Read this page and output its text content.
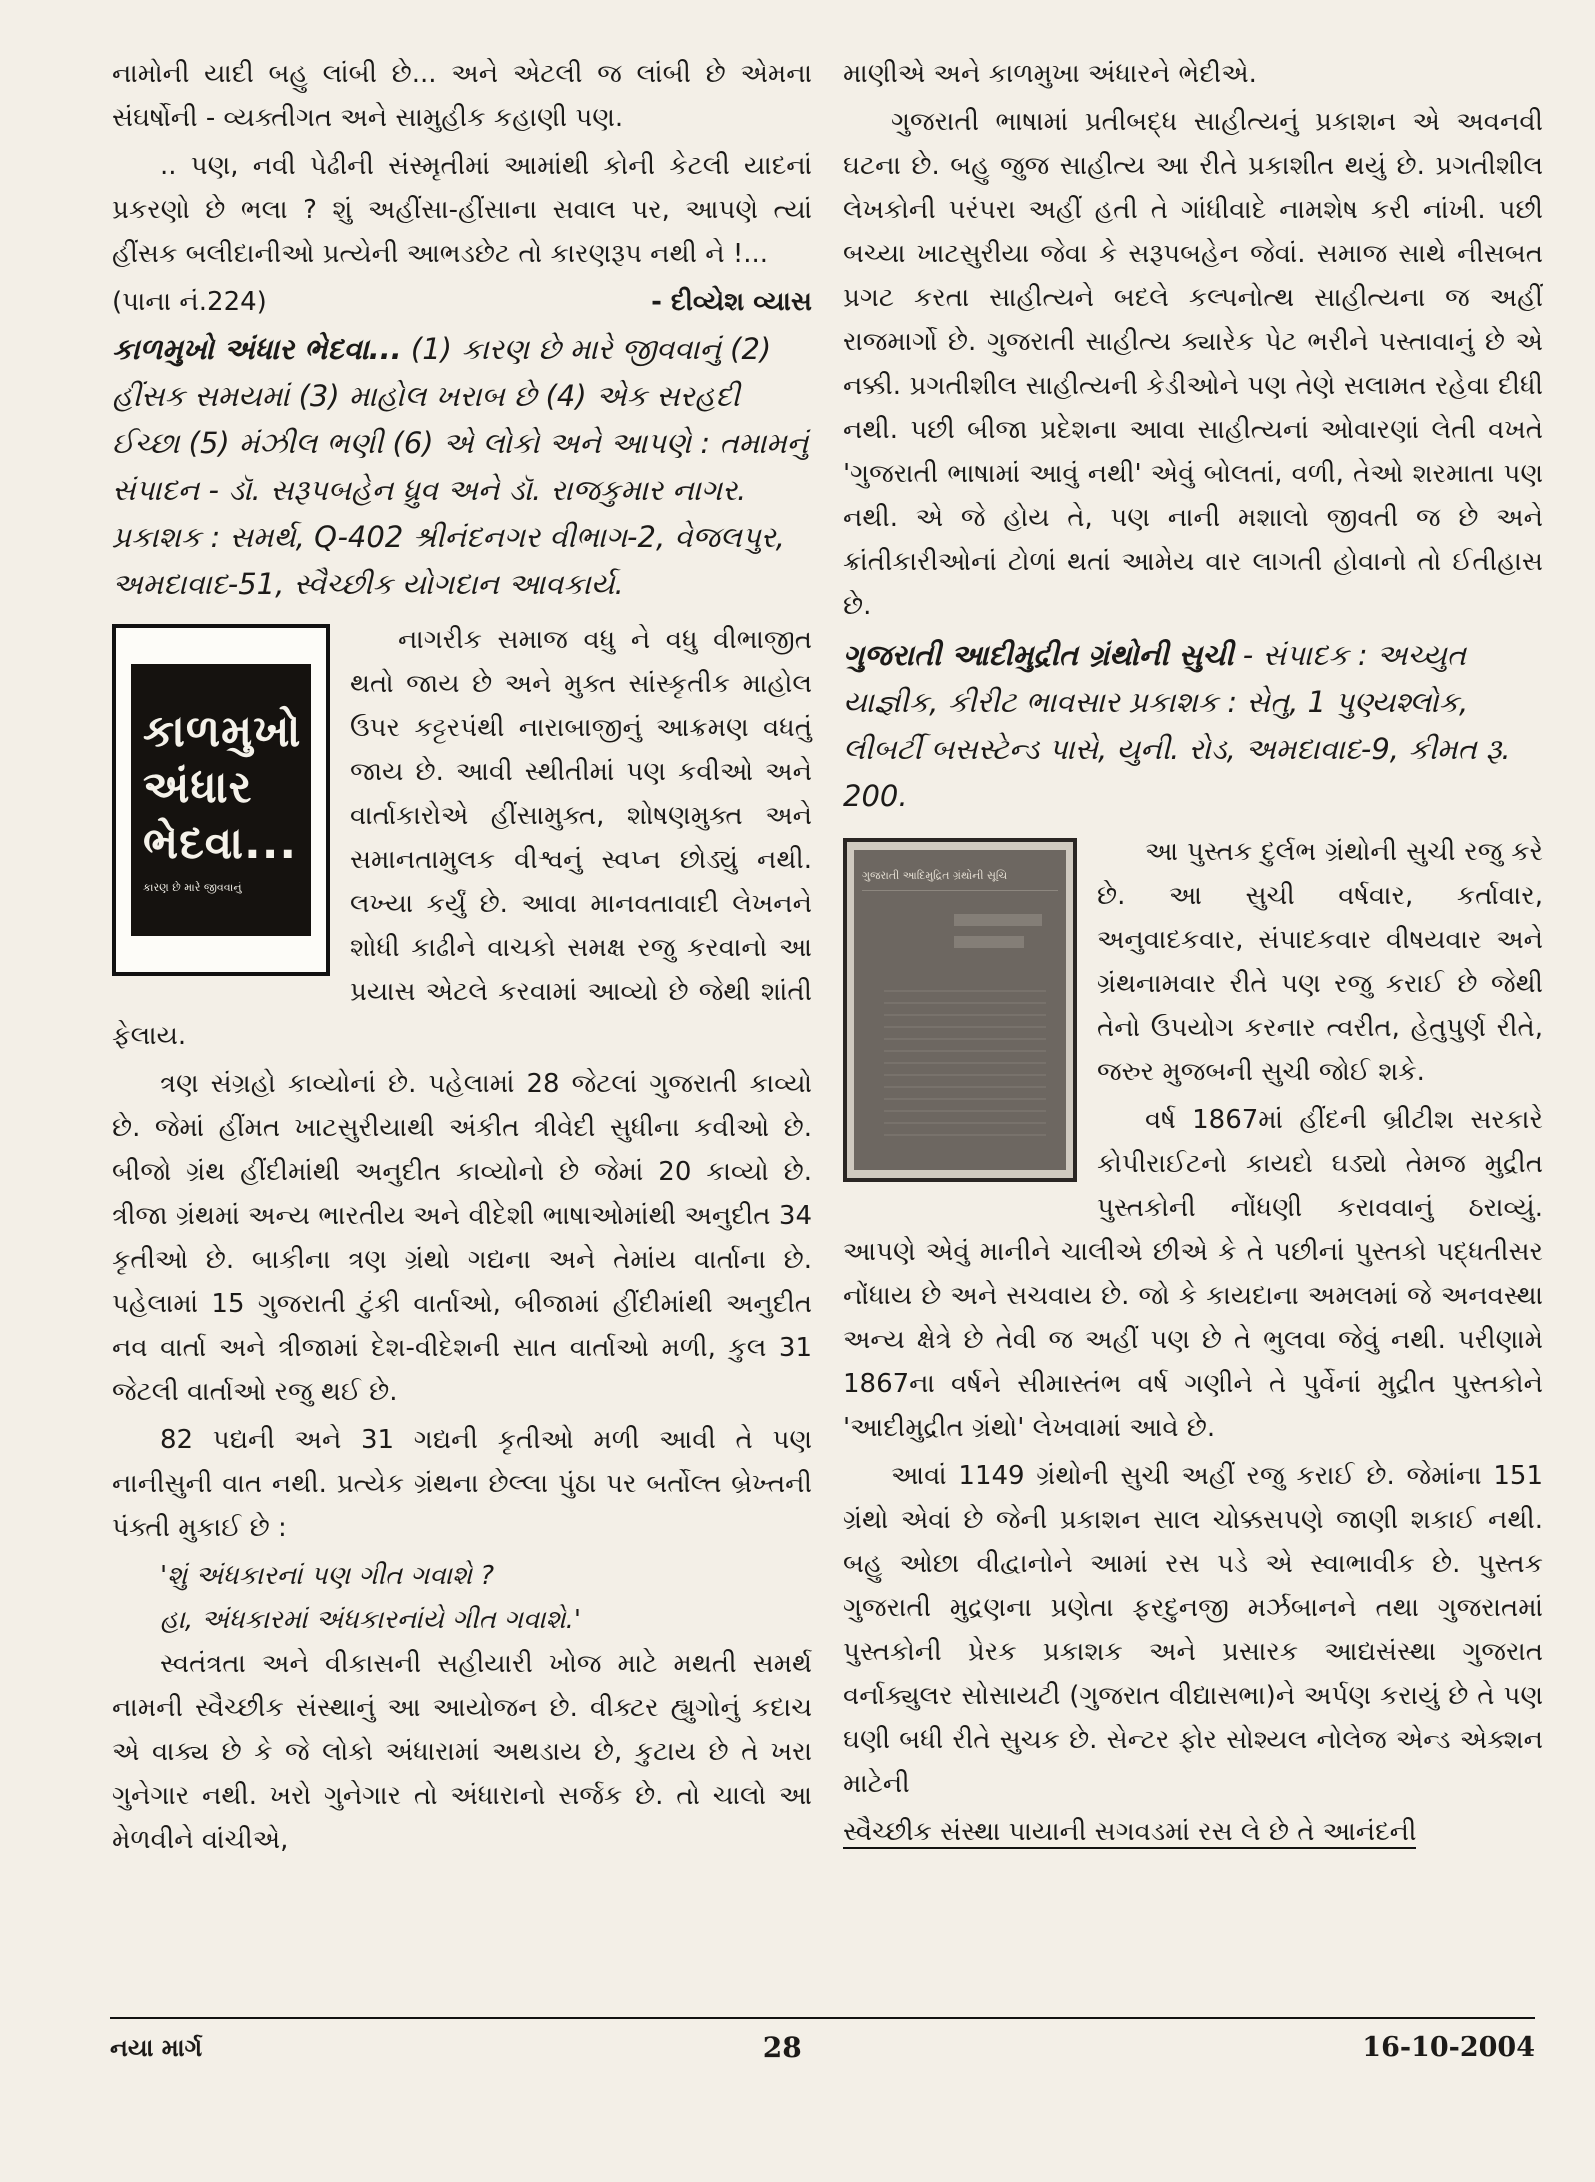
નામોની યાદી બહુ લાંબી છે... અને એટલી જ લાંબી છે એમના સંઘર્ષોની - વ્યક્તીગત અને સામુહીક કહાણી પણ.

.. પણ, નવી પેઢીની સંસ્મૃતીમાં આમાંથી કોની કેટલી યાદનાં પ્રકરણો છે ભલા ? શું અહીંસા-હીંસાના સવાલ પર, આપણે ત્યાં હીંસક બલીદાનીઓ પ્રત્યેની આભડછેટ તો કારણરૂપ નથી ને !...

(પાના નં.224)	- દીવ્યેશ વ્યાસ

કાળમુખો અંધાર ભેદવા... (1) કારણ છે મારે જીવવાનું (2) હીંસક સમયમાં (3) માહોલ ખરાબ છે (4) એક સરહદી ઈચ્છા (5) મંઝીલ ભણી (6) એ લોકો અને આપણે : તમામનું સંપાદન - ડૉ. સરૂપબહેન ધ્રુવ અને ડૉ. રાજકુમાર નાગર. પ્રકાશક : સમર્થ, Q-402 શ્રીનંદનગર વીભાગ-2, વેજલપુર, અમદાવાદ-51, સ્વૈચ્છીક યોગદાન આવકાર્ય.

કાળમુખો
અંધાર
ભેદવા...
કારણ છે મારે જીવવાનું

નાગરીક સમાજ વધુ ને વધુ વીભાજીત થતો જાય છે અને મુક્ત સાંસ્કૃતીક માહોલ ઉપર કટ્ટરપંથી નારાબાજીનું આક્રમણ વધતું જાય છે. આવી સ્થીતીમાં પણ કવીઓ અને વાર્તાકારોએ હીંસામુક્ત, શોષણમુક્ત અને સમાનતામુલક વીશ્વનું સ્વપ્ન છોડ્યું નથી. લખ્યા કર્યું છે. આવા માનવતાવાદી લેખનને શોધી કાઢીને વાચકો સમક્ષ રજુ કરવાનો આ પ્રયાસ એટલે કરવામાં આવ્યો છે જેથી શાંતી ફેલાય.

ત્રણ સંગ્રહો કાવ્યોનાં છે. પહેલામાં 28 જેટલાં ગુજરાતી કાવ્યો છે. જેમાં હીંમત ખાટસુરીયાથી અંકીત ત્રીવેદી સુધીના કવીઓ છે. બીજો ગ્રંથ હીંદીમાંથી અનુદીત કાવ્યોનો છે જેમાં 20 કાવ્યો છે. ત્રીજા ગ્રંથમાં અન્ય ભારતીય અને વીદેશી ભાષાઓમાંથી અનુદીત 34 કૃતીઓ છે. બાકીના ત્રણ ગ્રંથો ગદ્યના અને તેમાંય વાર્તાના છે. પહેલામાં 15 ગુજરાતી ટુંકી વાર્તાઓ, બીજામાં હીંદીમાંથી અનુદીત નવ વાર્તા અને ત્રીજામાં દેશ-વીદેશની સાત વાર્તાઓ મળી, કુલ 31 જેટલી વાર્તાઓ રજુ થઈ છે.

82 પદ્યની અને 31 ગદ્યની કૃતીઓ મળી આવી તે પણ નાનીસુની વાત નથી. પ્રત્યેક ગ્રંથના છેલ્લા પુંઠા પર બર્તોલ્ત બ્રેખ્તની પંક્તી મુકાઈ છે :

'શું અંધકારનાં પણ ગીત ગવાશે ?

હા, અંધકારમાં અંધકારનાંયે ગીત ગવાશે.'

સ્વતંત્રતા અને વીકાસની સહીયારી ખોજ માટે મથતી સમર્થ નામની સ્વૈચ્છીક સંસ્થાનું આ આયોજન છે. વીક્ટર હ્યુગોનું કદાચ એ વાક્ય છે કે જે લોકો અંધારામાં અથડાય છે, કુટાય છે તે ખરા ગુનેગાર નથી. ખરો ગુનેગાર તો અંધારાનો સર્જક છે. તો ચાલો આ મેળવીને વાંચીએ,

માણીએ અને કાળમુખા અંધારને ભેદીએ.

ગુજરાતી ભાષામાં પ્રતીબદ્ધ સાહીત્યનું પ્રકાશન એ અવનવી ઘટના છે. બહુ જુજ સાહીત્ય આ રીતે પ્રકાશીત થયું છે. પ્રગતીશીલ લેખકોની પરંપરા અહીં હતી તે ગાંધીવાદે નામશેષ કરી નાંખી. પછી બચ્યા ખાટસુરીયા જેવા કે સરૂપબહેન જેવાં. સમાજ સાથે નીસબત પ્રગટ કરતા સાહીત્યને બદલે કલ્પનોત્થ સાહીત્યના જ અહીં રાજમાર્ગો છે. ગુજરાતી સાહીત્ય ક્યારેક પેટ ભરીને પસ્તાવાનું છે એ નક્કી. પ્રગતીશીલ સાહીત્યની કેડીઓને પણ તેણે સલામત રહેવા દીધી નથી. પછી બીજા પ્રદેશના આવા સાહીત્યનાં ઓવારણાં લેતી વખતે 'ગુજરાતી ભાષામાં આવું નથી' એવું બોલતાં, વળી, તેઓ શરમાતા પણ નથી. એ જે હોય તે, પણ નાની મશાલો જીવતી જ છે અને ક્રાંતીકારીઓનાં ટોળાં થતાં આમેય વાર લાગતી હોવાનો તો ઈતીહાસ છે.

ગુજરાતી આદીમુદ્રીત ગ્રંથોની સુચી - સંપાદક : અચ્યુત યાજ્ઞીક, કીરીટ ભાવસાર પ્રકાશક : સેતુ, 1 પુણ્યશ્લોક, લીબર્ટી બસસ્ટેન્ડ પાસે, યુની. રોડ, અમદાવાદ-9, કીમત રૂ. 200.

ગુજરાતી આદિમુદ્રિત ગ્રંથોની સૂચિ

આ પુસ્તક દુર્લભ ગ્રંથોની સુચી રજુ કરે છે. આ સુચી વર્ષવાર, કર્તાવાર, અનુવાદકવાર, સંપાદકવાર વીષયવાર અને ગ્રંથનામવાર રીતે પણ રજુ કરાઈ છે જેથી તેનો ઉપયોગ કરનાર ત્વરીત, હેતુપુર્ણ રીતે, જરુર મુજબની સુચી જોઈ શકે.

વર્ષ 1867માં હીંદની બ્રીટીશ સરકારે કોપીરાઈટનો કાયદો ઘડ્યો તેમજ મુદ્રીત પુસ્તકોની નોંધણી કરાવવાનું ઠરાવ્યું. આપણે એવું માનીને ચાલીએ છીએ કે તે પછીનાં પુસ્તકો પદ્ધતીસર નોંધાય છે અને સચવાય છે. જો કે કાયદાના અમલમાં જે અનવસ્થા અન્ય ક્ષેત્રે છે તેવી જ અહીં પણ છે તે ભુલવા જેવું નથી. પરીણામે 1867ના વર્ષને સીમાસ્તંભ વર્ષ ગણીને તે પુર્વેનાં મુદ્રીત પુસ્તકોને 'આદીમુદ્રીત ગ્રંથો' લેખવામાં આવે છે.

આવાં 1149 ગ્રંથોની સુચી અહીં રજુ કરાઈ છે. જેમાંના 151 ગ્રંથો એવાં છે જેની પ્રકાશન સાલ ચોક્કસપણે જાણી શકાઈ નથી. બહુ ઓછા વીદ્વાનોને આમાં રસ પડે એ સ્વાભાવીક છે. પુસ્તક ગુજરાતી મુદ્રણના પ્રણેતા ફરદુનજી મર્ઝબાનને તથા ગુજરાતમાં પુસ્તકોની પ્રેરક પ્રકાશક અને પ્રસારક આદ્યસંસ્થા ગુજરાત વર્નાક્યુલર સોસાયટી (ગુજરાત વીદ્યાસભા)ને અર્પણ કરાયું છે તે પણ ઘણી બધી રીતે સુચક છે. સેન્ટર ફોર સોશ્યલ નોલેજ એન્ડ એક્શન માટેની

સ્વૈચ્છીક સંસ્થા પાયાની સગવડમાં રસ લે છે તે આનંદની

નયા માર્ગ	28	16-10-2004
